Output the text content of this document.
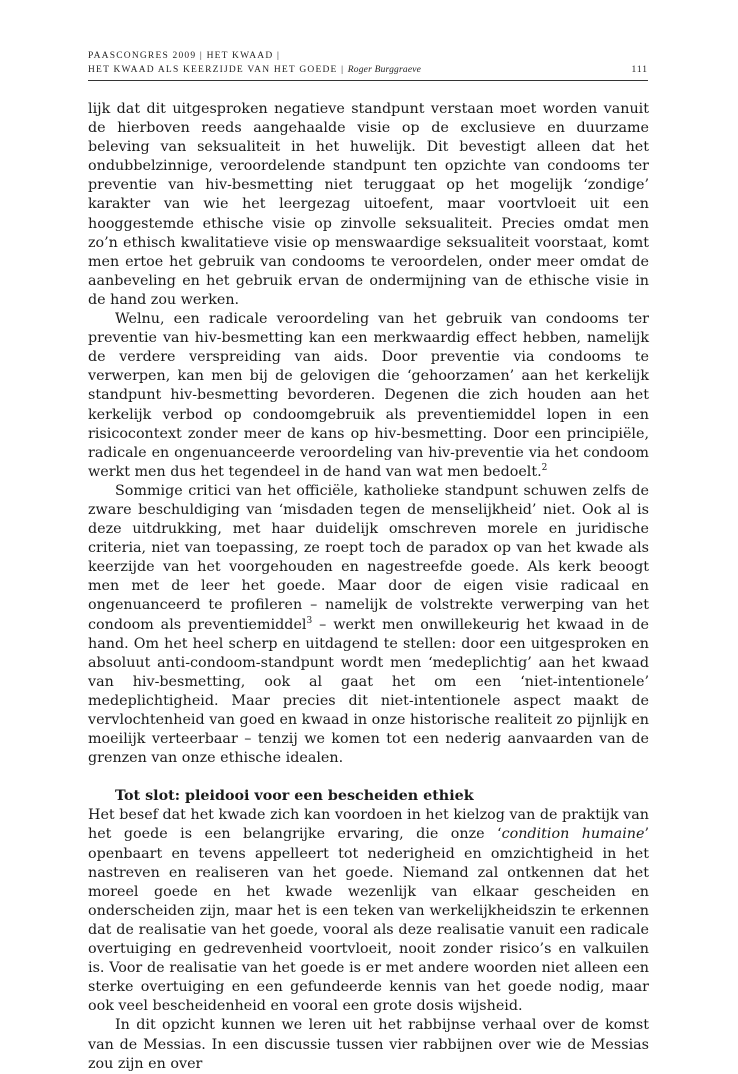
PAASCONGRES 2009 | HET KWAAD |
HET KWAAD ALS KEERZIJDE VAN HET GOEDE | Roger Burggraeve	111

lijk dat dit uitgesproken negatieve standpunt verstaan moet worden vanuit de hierboven reeds aangehaalde visie op de exclusieve en duurzame beleving van seksualiteit in het huwelijk. Dit bevestigt alleen dat het ondubbelzinnige, veroordelende standpunt ten opzichte van condooms ter preventie van hiv-besmetting niet teruggaat op het mogelijk ‘zondige’ karakter van wie het leergezag uitoefent, maar voortvloeit uit een hooggestemde ethische visie op zinvolle seksualiteit. Precies omdat men zo’n ethisch kwalitatieve visie op menswaardige seksualiteit voorstaat, komt men ertoe het gebruik van condooms te veroordelen, onder meer omdat de aanbeveling en het gebruik ervan de ondermijning van de ethische visie in de hand zou werken.

Welnu, een radicale veroordeling van het gebruik van condooms ter preventie van hiv-besmetting kan een merkwaardig effect hebben, namelijk de verdere verspreiding van aids. Door preventie via condooms te verwerpen, kan men bij de gelovigen die ‘gehoorzamen’ aan het kerkelijk standpunt hiv-besmetting bevorderen. Degenen die zich houden aan het kerkelijk verbod op condoomgebruik als preventiemiddel lopen in een risicocontext zonder meer de kans op hiv-besmetting. Door een principiële, radicale en ongenuanceerde veroordeling van hiv-preventie via het condoom werkt men dus het tegendeel in de hand van wat men bedoelt.$^2$

Sommige critici van het officiële, katholieke standpunt schuwen zelfs de zware beschuldiging van ‘misdaden tegen de menselijkheid’ niet. Ook al is deze uitdrukking, met haar duidelijk omschreven morele en juridische criteria, niet van toepassing, ze roept toch de paradox op van het kwade als keerzijde van het voorgehouden en nagestreefde goede. Als kerk beoogt men met de leer het goede. Maar door de eigen visie radicaal en ongenuanceerd te profileren – namelijk de volstrekte verwerping van het condoom als preventiemiddel$^3$ – werkt men onwillekeurig het kwaad in de hand. Om het heel scherp en uitdagend te stellen: door een uitgesproken en absoluut anti-condoom-standpunt wordt men ‘medeplichtig’ aan het kwaad van hiv-besmetting, ook al gaat het om een ‘niet-intentionele’ medeplichtigheid. Maar precies dit niet-intentionele aspect maakt de vervlochtenheid van goed en kwaad in onze historische realiteit zo pijnlijk en moeilijk verteerbaar – tenzij we komen tot een nederig aanvaarden van de grenzen van onze ethische idealen.

Tot slot: pleidooi voor een bescheiden ethiek

Het besef dat het kwade zich kan voordoen in het kielzog van de praktijk van het goede is een belangrijke ervaring, die onze ‘condition humaine’ openbaart en tevens appelleert tot nederigheid en omzichtigheid in het nastreven en realiseren van het goede. Niemand zal ontkennen dat het moreel goede en het kwade wezenlijk van elkaar gescheiden en onderscheiden zijn, maar het is een teken van werkelijkheidszin te erkennen dat de realisatie van het goede, vooral als deze realisatie vanuit een radicale overtuiging en gedrevenheid voortvloeit, nooit zonder risico’s en valkuilen is. Voor de realisatie van het goede is er met andere woorden niet alleen een sterke overtuiging en een gefundeerde kennis van het goede nodig, maar ook veel bescheidenheid en vooral een grote dosis wijsheid.

In dit opzicht kunnen we leren uit het rabbijnse verhaal over de komst van de Messias. In een discussie tussen vier rabbijnen over wie de Messias zou zijn en over
